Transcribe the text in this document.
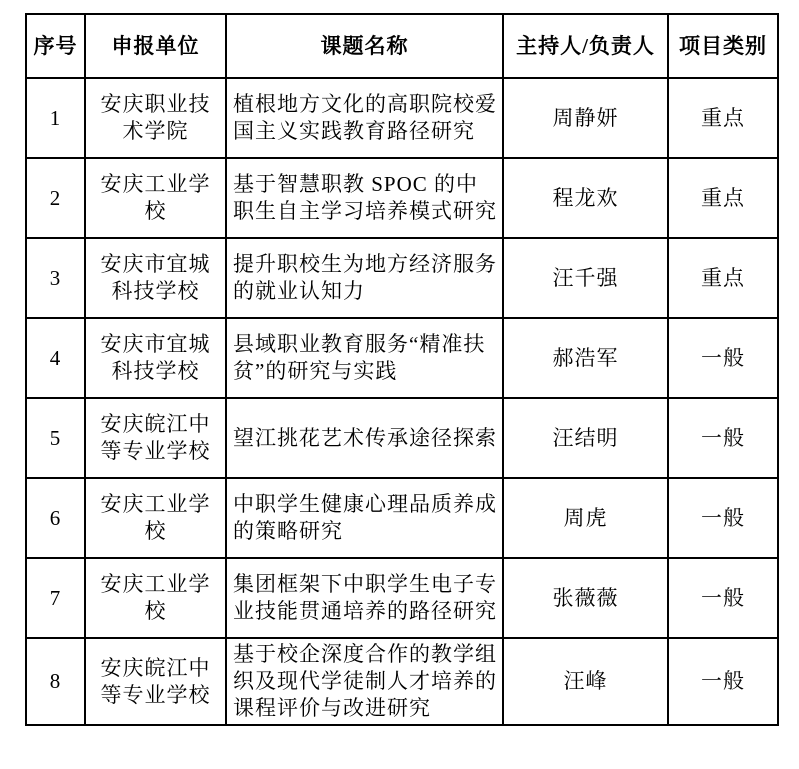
序号	申报单位	课题名称	主持人/负责人	项目类别
1	安庆职业技术学院	植根地方文化的高职院校爱国主义实践教育路径研究	周静妍	重点
2	安庆工业学校	基于智慧职教 SPOC 的中职生自主学习培养模式研究	程龙欢	重点
3	安庆市宜城科技学校	提升职校生为地方经济服务的就业认知力	汪千强	重点
4	安庆市宜城科技学校	县域职业教育服务“精准扶贫”的研究与实践	郝浩军	一般
5	安庆皖江中等专业学校	望江挑花艺术传承途径探索	汪结明	一般
6	安庆工业学校	中职学生健康心理品质养成的策略研究	周虎	一般
7	安庆工业学校	集团框架下中职学生电子专业技能贯通培养的路径研究	张薇薇	一般
8	安庆皖江中等专业学校	基于校企深度合作的教学组织及现代学徒制人才培养的课程评价与改进研究	汪峰	一般
